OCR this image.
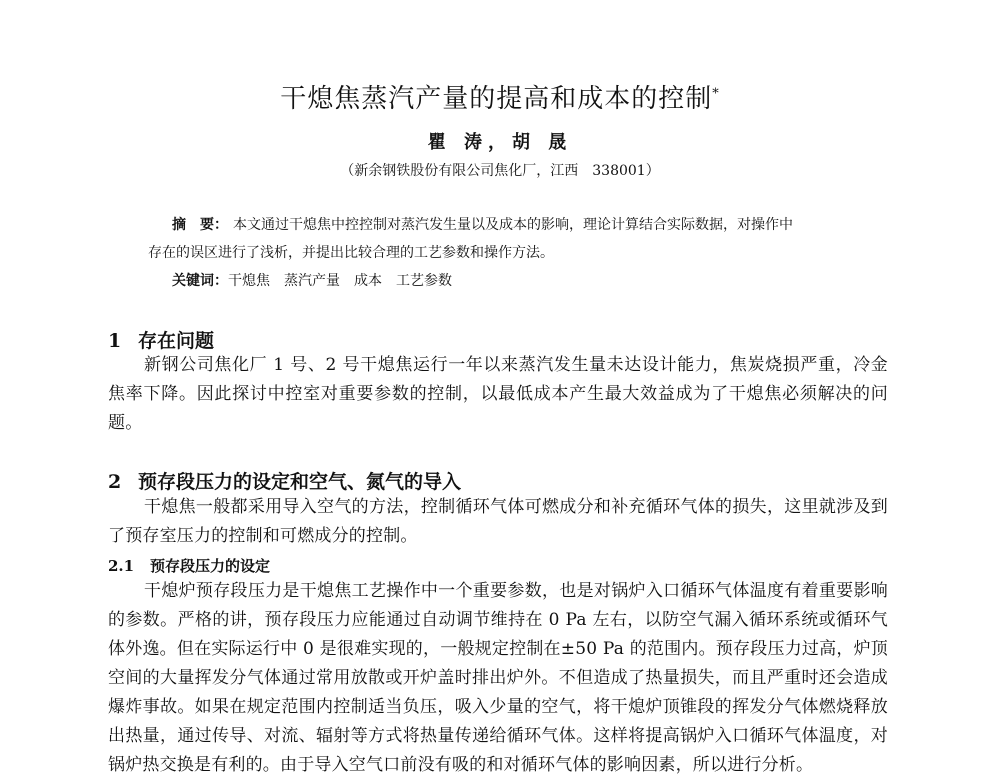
干熄焦蒸汽产量的提高和成本的控制*
瞿 涛，胡 晟
（新余钢铁股份有限公司焦化厂，江西　338001）
摘　要： 本文通过干熄焦中控控制对蒸汽发生量以及成本的影响，理论计算结合实际数据，对操作中
存在的误区进行了浅析，并提出比较合理的工艺参数和操作方法。
关键词：干熄焦 蒸汽产量 成本 工艺参数
1 存在问题
新钢公司焦化厂 1 号、2 号干熄焦运行一年以来蒸汽发生量未达设计能力，焦炭烧损严重，冷金焦率下降。因此探讨中控室对重要参数的控制，以最低成本产生最大效益成为了干熄焦必须解决的问题。
2 预存段压力的设定和空气、氮气的导入
干熄焦一般都采用导入空气的方法，控制循环气体可燃成分和补充循环气体的损失，这里就涉及到了预存室压力的控制和可燃成分的控制。
2.1 预存段压力的设定
干熄炉预存段压力是干熄焦工艺操作中一个重要参数，也是对锅炉入口循环气体温度有着重要影响的参数。严格的讲，预存段压力应能通过自动调节维持在 0 Pa 左右，以防空气漏入循环系统或循环气体外逸。但在实际运行中 0 是很难实现的，一般规定控制在±50 Pa 的范围内。预存段压力过高，炉顶空间的大量挥发分气体通过常用放散或开炉盖时排出炉外。不但造成了热量损失，而且严重时还会造成爆炸事故。如果在规定范围内控制适当负压，吸入少量的空气，将干熄炉顶锥段的挥发分气体燃烧释放出热量，通过传导、对流、辐射等方式将热量传递给循环气体。这样将提高锅炉入口循环气体温度，对锅炉热交换是有利的。由于导入空气口前没有吸的和对循环气体的影响因素，所以进行分析。
